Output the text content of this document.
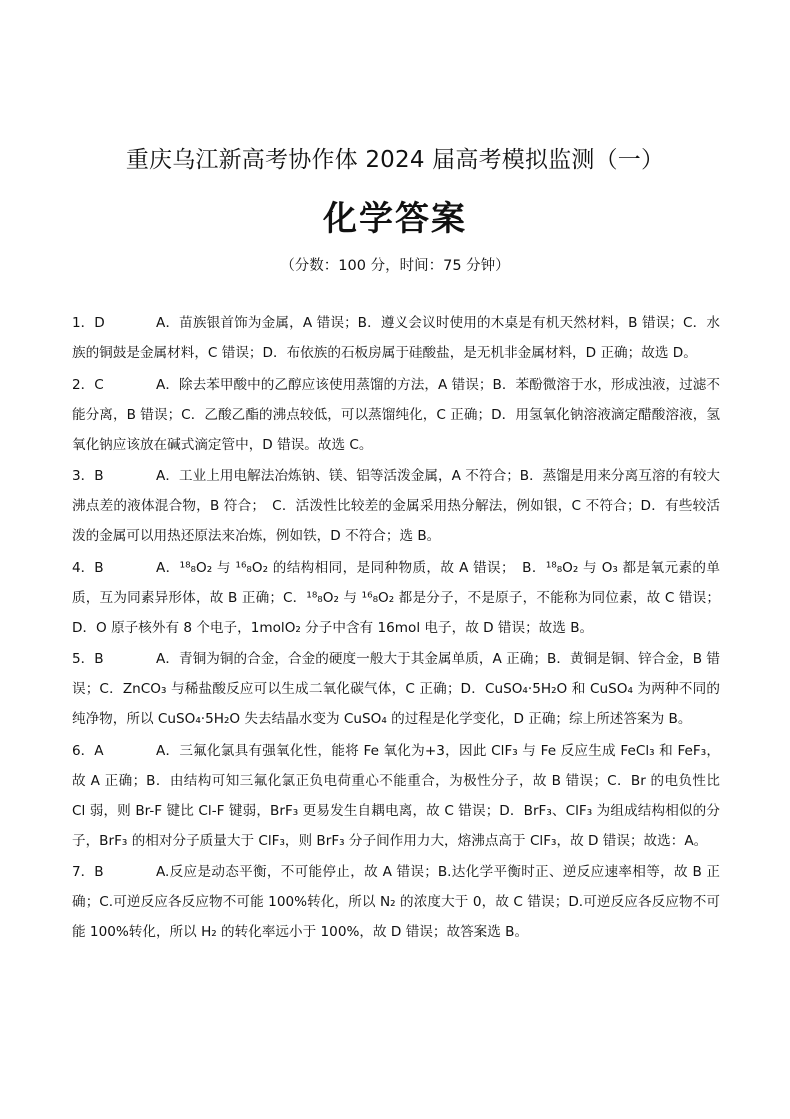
重庆乌江新高考协作体 2024 届高考模拟监测（一）
化学答案
（分数：100 分，时间：75 分钟）
1．D	A．苗族银首饰为金属，A 错误；B．遵义会议时使用的木桌是有机天然材料，B 错误；C．水族的铜鼓是金属材料，C 错误；D．布依族的石板房属于硅酸盐，是无机非金属材料，D 正确；故选 D。
2．C	A．除去苯甲酸中的乙醇应该使用蒸馏的方法，A 错误；B．苯酚微溶于水，形成浊液，过滤不能分离，B 错误；C．乙酸乙酯的沸点较低，可以蒸馏纯化，C 正确；D．用氢氧化钠溶液滴定醋酸溶液，氢氧化钠应该放在碱式滴定管中，D 错误。故选 C。
3．B	A．工业上用电解法冶炼钠、镁、铝等活泼金属，A 不符合；B．蒸馏是用来分离互溶的有较大沸点差的液体混合物，B 符合；　C．活泼性比较差的金属采用热分解法，例如银，C 不符合；D．有些较活泼的金属可以用热还原法来冶炼，例如铁，D 不符合；选 B。
4．B	A．¹⁸₈O₂ 与 ¹⁶₈O₂ 的结构相同，是同种物质，故 A 错误；　B．¹⁸₈O₂ 与 O₃ 都是氧元素的单质，互为同素异形体，故 B 正确；C．¹⁸₈O₂ 与 ¹⁶₈O₂ 都是分子，不是原子，不能称为同位素，故 C 错误；D．O 原子核外有 8 个电子，1molO₂ 分子中含有 16mol 电子，故 D 错误；故选 B。
5．B	A．青铜为铜的合金，合金的硬度一般大于其金属单质，A 正确；B．黄铜是铜、锌合金，B 错误；C．ZnCO₃ 与稀盐酸反应可以生成二氧化碳气体，C 正确；D．CuSO₄·5H₂O 和 CuSO₄ 为两种不同的纯净物，所以 CuSO₄·5H₂O 失去结晶水变为 CuSO₄ 的过程是化学变化，D 正确；综上所述答案为 B。
6．A	A．三氟化氯具有强氧化性，能将 Fe 氧化为+3，因此 ClF₃ 与 Fe 反应生成 FeCl₃ 和 FeF₃，故 A 正确；B．由结构可知三氟化氯正负电荷重心不能重合，为极性分子，故 B 错误；C．Br 的电负性比 Cl 弱，则 Br-F 键比 Cl-F 键弱，BrF₃ 更易发生自耦电离，故 C 错误；D．BrF₃、ClF₃ 为组成结构相似的分子，BrF₃ 的相对分子质量大于 ClF₃，则 BrF₃ 分子间作用力大，熔沸点高于 ClF₃，故 D 错误；故选：A。
7．B	A.反应是动态平衡，不可能停止，故 A 错误；B.达化学平衡时正、逆反应速率相等，故 B 正确；C.可逆反应各反应物不可能 100%转化，所以 N₂ 的浓度大于 0，故 C 错误；D.可逆反应各反应物不可能 100%转化，所以 H₂ 的转化率远小于 100%，故 D 错误；故答案选 B。
